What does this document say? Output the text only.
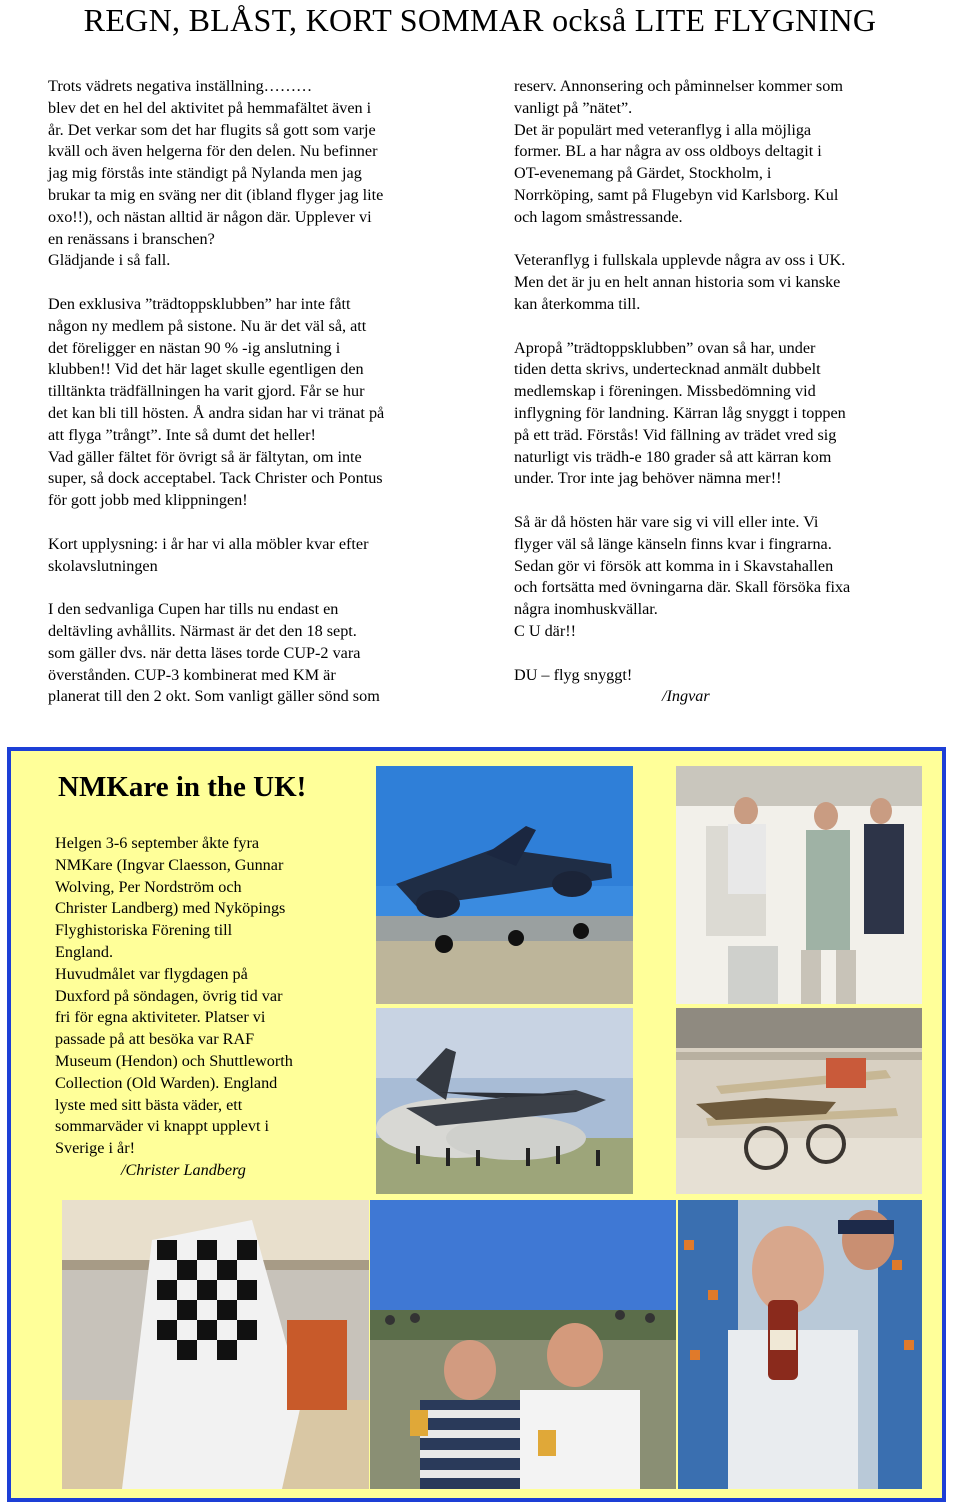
REGN, BLÅST, KORT SOMMAR också LITE FLYGNING

Trots vädrets negativa inställning………
blev det en hel del aktivitet på hemmafältet även i
år. Det verkar som det har flugits så gott som varje
kväll och även helgerna för den delen. Nu befinner
jag mig förstås inte ständigt på Nylanda men jag
brukar ta mig en sväng ner dit (ibland flyger jag lite
oxo!!), och nästan alltid är någon där. Upplever vi
en renässans i branschen?
Glädjande i så fall.

Den exklusiva ”trädtoppsklubben” har inte fått
någon ny medlem på sistone. Nu är det väl så, att
det föreligger en nästan 90 % -ig anslutning i
klubben!! Vid det här laget skulle egentligen den
tilltänkta trädfällningen ha varit gjord. Får se hur
det kan bli till hösten. Å andra sidan har vi tränat på
att flyga ”trångt”. Inte så dumt det heller!
Vad gäller fältet för övrigt så är fältytan, om inte
super, så dock acceptabel. Tack Christer och Pontus
för gott jobb med klippningen!

Kort upplysning: i år har vi alla möbler kvar efter
skolavslutningen

I den sedvanliga Cupen har tills nu endast en
deltävling avhållits. Närmast är det den 18 sept.
som gäller dvs. när detta läses torde CUP-2 vara
överstånden. CUP-3 kombinerat med KM är
planerat till den 2 okt. Som vanligt gäller sönd som

reserv. Annonsering och påminnelser kommer som
vanligt på ”nätet”.
Det är populärt med veteranflyg i alla möjliga
former. BL a har några av oss oldboys deltagit i
OT-evenemang på Gärdet, Stockholm, i
Norrköping, samt på Flugebyn vid Karlsborg. Kul
och lagom småstressande.

Veteranflyg i fullskala upplevde några av oss i UK.
Men det är ju en helt annan historia som vi kanske
kan återkomma till.

Apropå ”trädtoppsklubben” ovan så har, under
tiden detta skrivs, undertecknad anmält dubbelt
medlemskap i föreningen. Missbedömning vid
inflygning för landning. Kärran låg snyggt i toppen
på ett träd. Förstås! Vid fällning av trädet vred sig
naturligt vis trädh-e 180 grader så att kärran kom
under. Tror inte jag behöver nämna mer!!

Så är då hösten här vare sig vi vill eller inte. Vi
flyger väl så länge känseln finns kvar i fingrarna.
Sedan gör vi försök att komma in i Skavstahallen
och fortsätta med övningarna där. Skall försöka fixa
några inomhuskvällar.
C U där!!

DU – flyg snyggt!
/Ingvar

NMKare in the UK!
Helgen 3-6 september åkte fyra
NMKare (Ingvar Claesson, Gunnar
Wolving, Per Nordström och
Christer Landberg) med Nyköpings
Flyghistoriska Förening till
England.
Huvudmålet var flygdagen på
Duxford på söndagen, övrig tid var
fri för egna aktiviteter. Platser vi
passade på att besöka var RAF
Museum (Hendon) och Shuttleworth
Collection (Old Warden). England
lyste med sitt bästa väder, ett
sommarväder vi knappt upplevt i
Sverige i år!
/Christer Landberg
